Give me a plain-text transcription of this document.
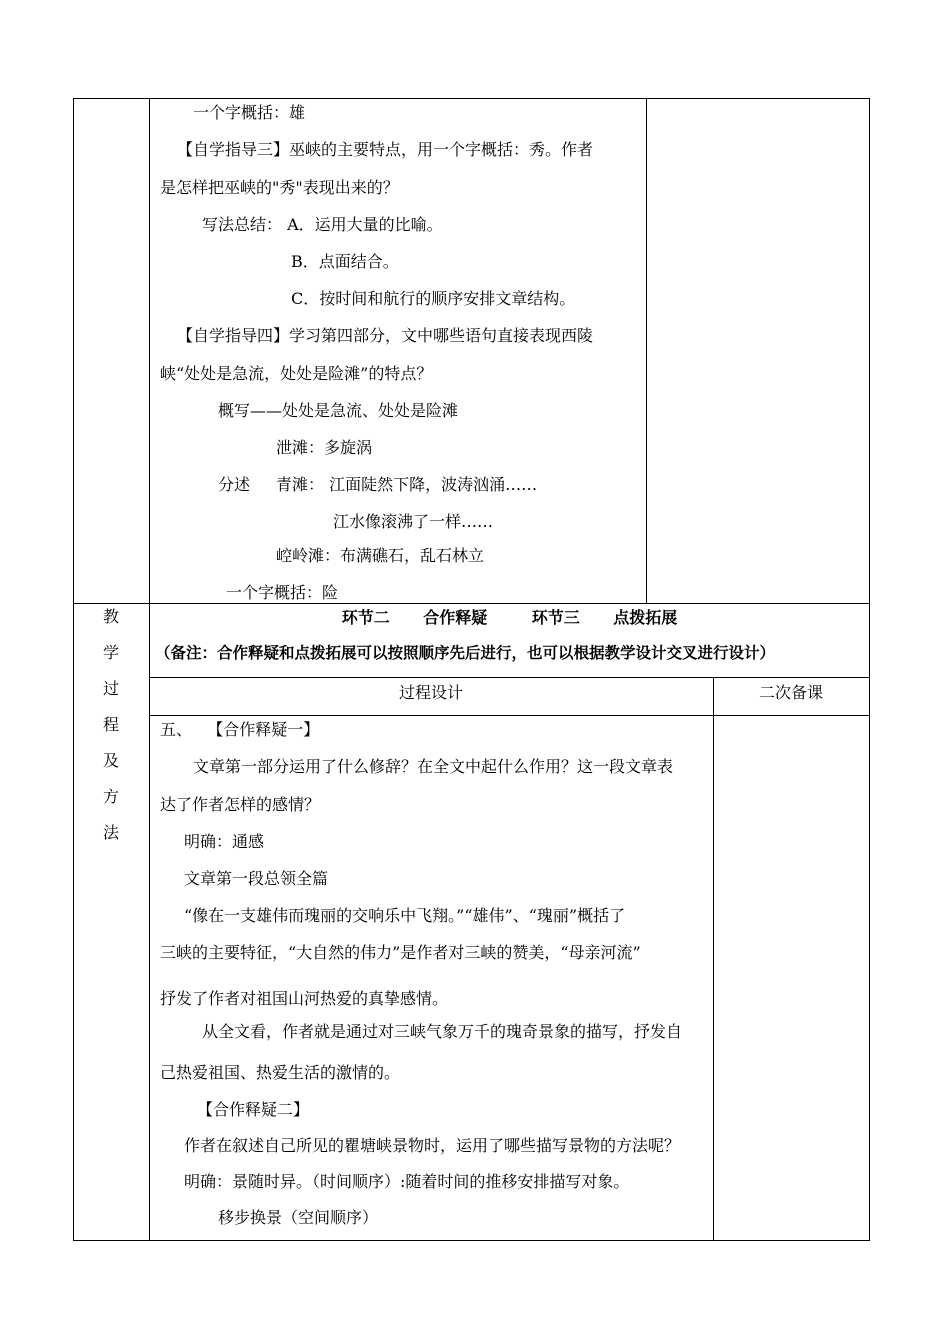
一个字概括：雄
【自学指导三】巫峡的主要特点，用一个字概括：秀。作者
是怎样把巫峡的"秀"表现出来的？
写法总结： A．运用大量的比喻。
B．点面结合。
C．按时间和航行的顺序安排文章结构。
【自学指导四】学习第四部分，文中哪些语句直接表现西陵
峡“处处是急流，处处是险滩”的特点？
概写——处处是急流、处处是险滩
泄滩：多旋涡
分述 青滩： 江面陡然下降，波涛汹涌……
江水像滚沸了一样……
崆岭滩：布满礁石，乱石林立
一个字概括：险
教
学
过
程
及
方
法
环节二      合作释疑        环节三      点拨拓展
（备注：合作释疑和点拨拓展可以按照顺序先后进行，也可以根据教学设计交叉进行设计）
过程设计	二次备课
五、   【合作释疑一】
文章第一部分运用了什么修辞？在全文中起什么作用？这一段文章表
达了作者怎样的感情？
明确：通感
文章第一段总领全篇
“像在一支雄伟而瑰丽的交响乐中飞翔。”“雄伟”、“瑰丽”概括了
三峡的主要特征，“大自然的伟力”是作者对三峡的赞美，“母亲河流”
抒发了作者对祖国山河热爱的真挚感情。
从全文看，作者就是通过对三峡气象万千的瑰奇景象的描写，抒发自
己热爱祖国、热爱生活的激情的。
【合作释疑二】
作者在叙述自己所见的瞿塘峡景物时，运用了哪些描写景物的方法呢？
明确：景随时异。（时间顺序）:随着时间的推移安排描写对象。
移步换景（空间顺序）
